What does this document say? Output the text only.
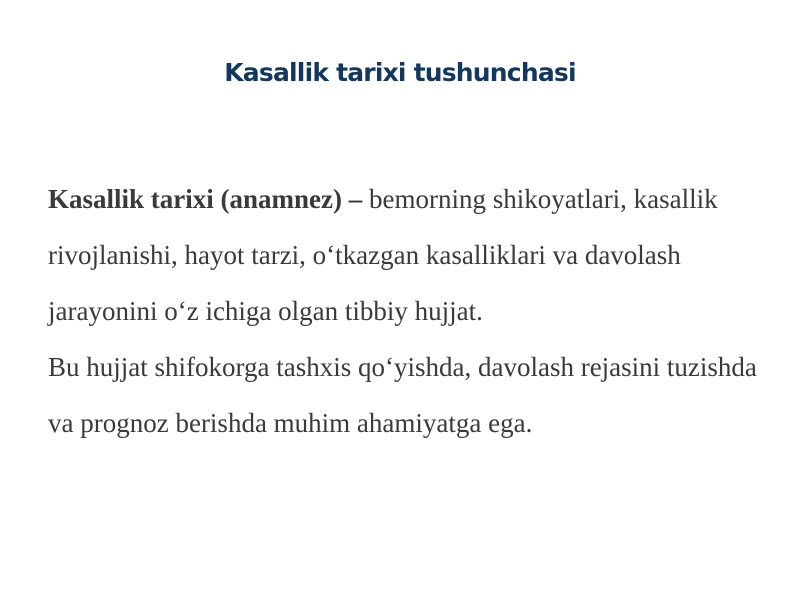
Kasallik tarixi tushunchasi

Kasallik tarixi (anamnez) – bemorning shikoyatlari, kasallik rivojlanishi, hayot tarzi, o‘tkazgan kasalliklari va davolash jarayonini o‘z ichiga olgan tibbiy hujjat.

Bu hujjat shifokorga tashxis qo‘yishda, davolash rejasini tuzishda va prognoz berishda muhim ahamiyatga ega.
